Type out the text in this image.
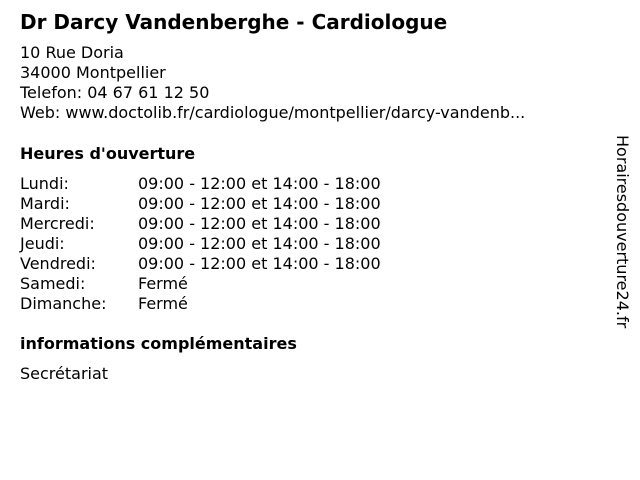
Dr Darcy Vandenberghe - Cardiologue
10 Rue Doria
34000 Montpellier
Telefon: 04 67 61 12 50
Web: www.doctolib.fr/cardiologue/montpellier/darcy-vandenb...
Heures d'ouverture
Lundi:	09:00 - 12:00 et 14:00 - 18:00
Mardi:	09:00 - 12:00 et 14:00 - 18:00
Mercredi:	09:00 - 12:00 et 14:00 - 18:00
Jeudi:	09:00 - 12:00 et 14:00 - 18:00
Vendredi:	09:00 - 12:00 et 14:00 - 18:00
Samedi:	Fermé
Dimanche:	Fermé
informations complémentaires
Secrétariat
Horairesdouverture24.fr
